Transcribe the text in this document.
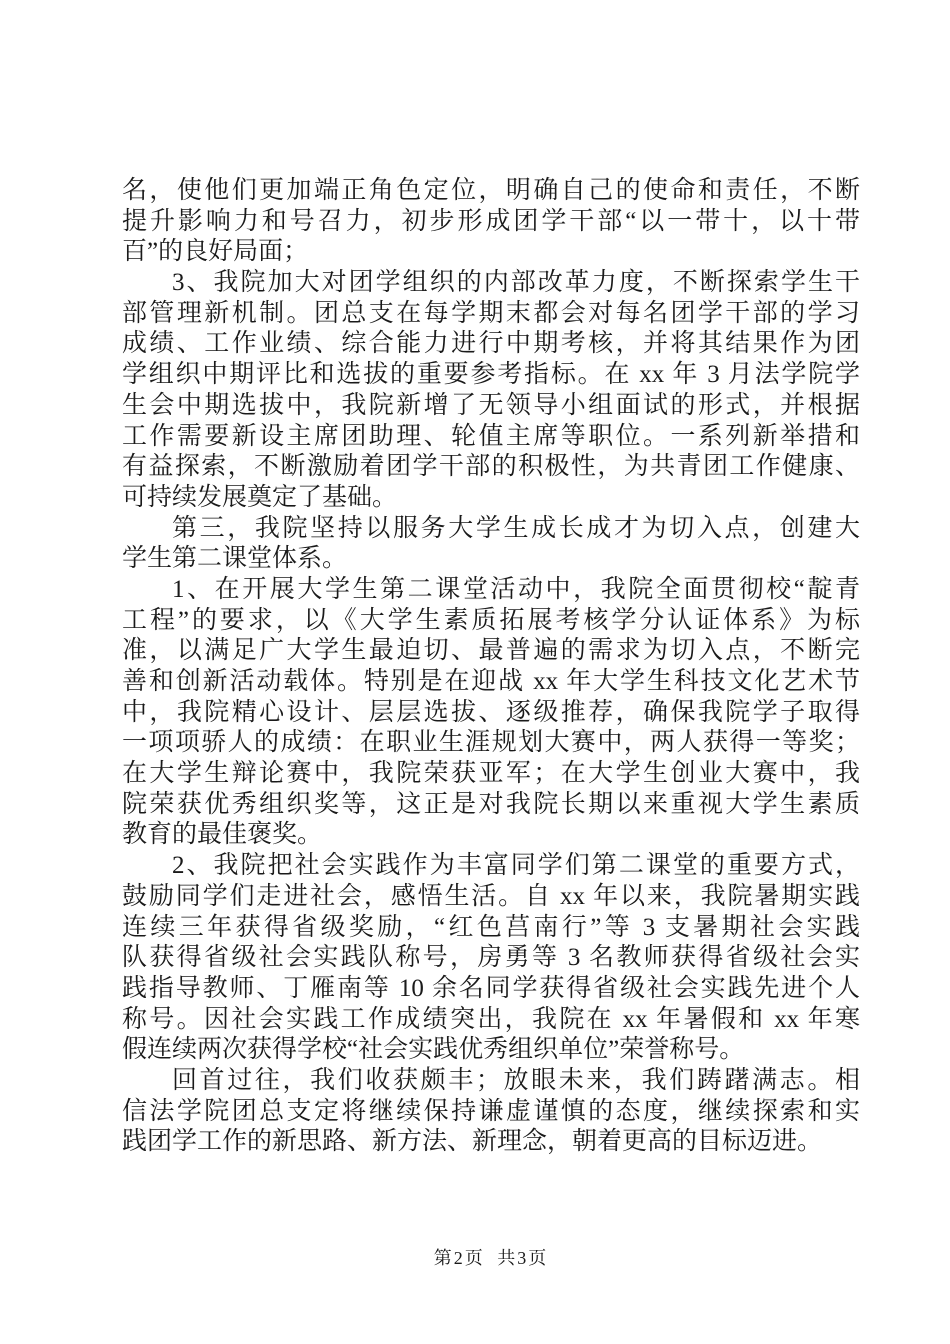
名，使他们更加端正角色定位，明确自己的使命和责任，不断
提升影响力和号召力，初步形成团学干部“以一带十，以十带
百”的良好局面；
3、我院加大对团学组织的内部改革力度，不断探索学生干
部管理新机制。团总支在每学期末都会对每名团学干部的学习
成绩、工作业绩、综合能力进行中期考核，并将其结果作为团
学组织中期评比和选拔的重要参考指标。在 xx 年 3 月法学院学
生会中期选拔中，我院新增了无领导小组面试的形式，并根据
工作需要新设主席团助理、轮值主席等职位。一系列新举措和
有益探索，不断激励着团学干部的积极性，为共青团工作健康、
可持续发展奠定了基础。
第三，我院坚持以服务大学生成长成才为切入点，创建大
学生第二课堂体系。
1、在开展大学生第二课堂活动中，我院全面贯彻校“靛青
工程”的要求，以《大学生素质拓展考核学分认证体系》为标
准，以满足广大学生最迫切、最普遍的需求为切入点，不断完
善和创新活动载体。特别是在迎战 xx 年大学生科技文化艺术节
中，我院精心设计、层层选拔、逐级推荐，确保我院学子取得
一项项骄人的成绩：在职业生涯规划大赛中，两人获得一等奖；
在大学生辩论赛中，我院荣获亚军；在大学生创业大赛中，我
院荣获优秀组织奖等，这正是对我院长期以来重视大学生素质
教育的最佳褒奖。
2、我院把社会实践作为丰富同学们第二课堂的重要方式，
鼓励同学们走进社会，感悟生活。自 xx 年以来，我院暑期实践
连续三年获得省级奖励，“红色莒南行”等 3 支暑期社会实践
队获得省级社会实践队称号，房勇等 3 名教师获得省级社会实
践指导教师、丁雁南等 10 余名同学获得省级社会实践先进个人
称号。因社会实践工作成绩突出，我院在 xx 年暑假和 xx 年寒
假连续两次获得学校“社会实践优秀组织单位”荣誉称号。
回首过往，我们收获颇丰；放眼未来，我们踌躇满志。相
信法学院团总支定将继续保持谦虚谨慎的态度，继续探索和实
践团学工作的新思路、新方法、新理念，朝着更高的目标迈进。
第2页 共3页
